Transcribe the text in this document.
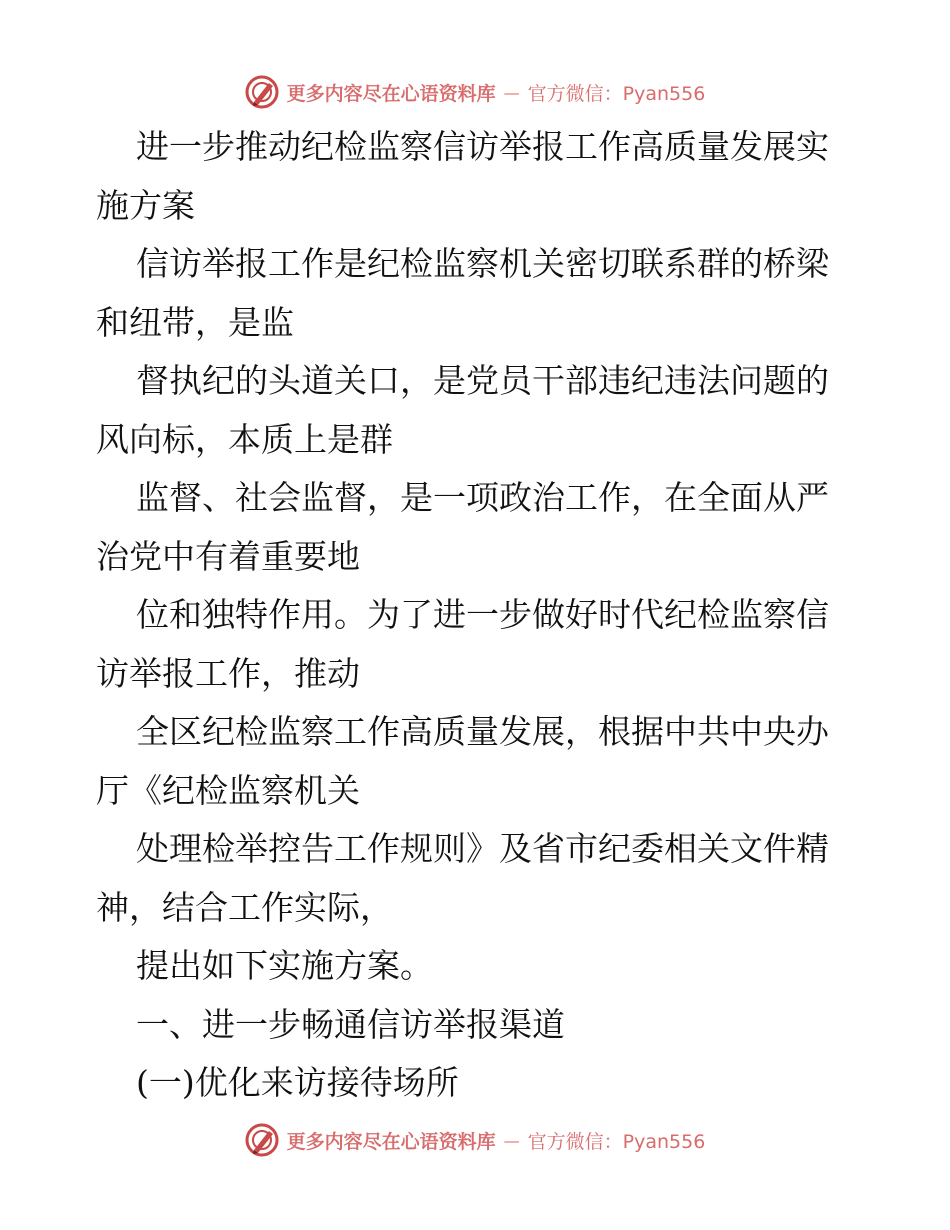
更多内容尽在心语资料库 — 官方微信：Pyan556
进一步推动纪检监察信访举报工作高质量发展实
施方案
信访举报工作是纪检监察机关密切联系群的桥梁
和纽带，是监
督执纪的头道关口，是党员干部违纪违法问题的
风向标，本质上是群
监督、社会监督，是一项政治工作，在全面从严
治党中有着重要地
位和独特作用。为了进一步做好时代纪检监察信
访举报工作，推动
全区纪检监察工作高质量发展，根据中共中央办
厅《纪检监察机关
处理检举控告工作规则》及省市纪委相关文件精
神，结合工作实际，
提出如下实施方案。
一、进一步畅通信访举报渠道
(一)优化来访接待场所
更多内容尽在心语资料库 — 官方微信：Pyan556
